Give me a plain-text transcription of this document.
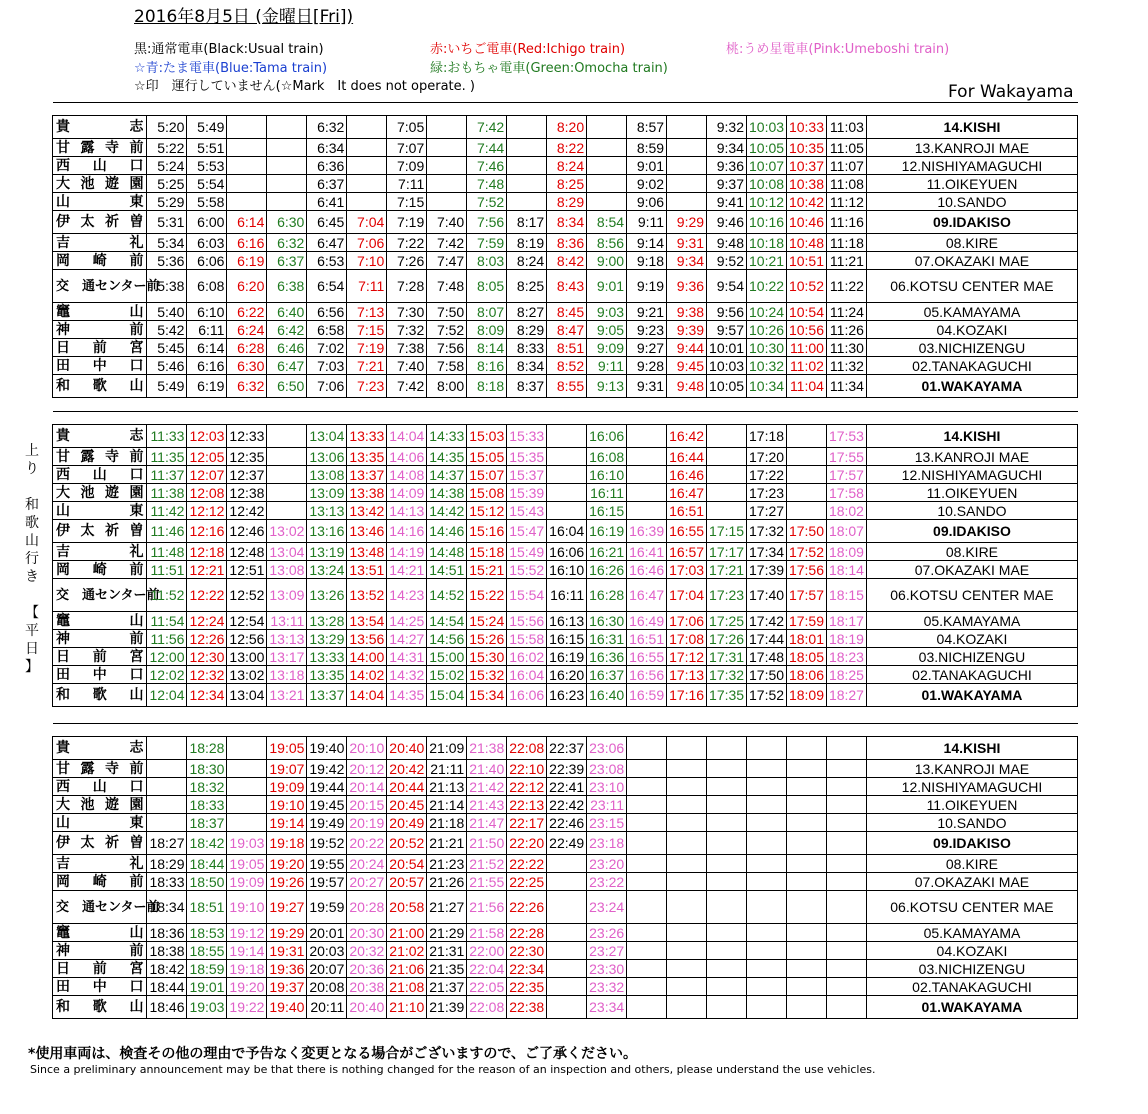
2016年8月5日 (金曜日[Fri])
黒:通常電車(Black:Usual train)	赤:いちご電車(Red:Ichigo train)	桃:うめ星電車(Pink:Umeboshi train)
☆青:たま電車(Blue:Tama train)	緑:おもちゃ電車(Green:Omocha train)
☆印　運行していません(☆Mark　It does not operate. )	For Wakayama
上
り

和
歌
山
行
き

【
平
日
】

貴志	5:20	5:49			6:32		7:05		7:42		8:20		8:57		9:32	10:03	10:33	11:03	14.KISHI
甘露寺前	5:22	5:51			6:34		7:07		7:44		8:22		8:59		9:34	10:05	10:35	11:05	13.KANROJI MAE
西山口	5:24	5:53			6:36		7:09		7:46		8:24		9:01		9:36	10:07	10:37	11:07	12.NISHIYAMAGUCHI
大池遊園	5:25	5:54			6:37		7:11		7:48		8:25		9:02		9:37	10:08	10:38	11:08	11.OIKEYUEN
山東	5:29	5:58			6:41		7:15		7:52		8:29		9:06		9:41	10:12	10:42	11:12	10.SANDO
伊太祈曽	5:31	6:00	6:14	6:30	6:45	7:04	7:19	7:40	7:56	8:17	8:34	8:54	9:11	9:29	9:46	10:16	10:46	11:16	09.IDAKISO
吉礼	5:34	6:03	6:16	6:32	6:47	7:06	7:22	7:42	7:59	8:19	8:36	8:56	9:14	9:31	9:48	10:18	10:48	11:18	08.KIRE
岡崎前	5:36	6:06	6:19	6:37	6:53	7:10	7:26	7:47	8:03	8:24	8:42	9:00	9:18	9:34	9:52	10:21	10:51	11:21	07.OKAZAKI MAE
交　通センター前	5:38	6:08	6:20	6:38	6:54	7:11	7:28	7:48	8:05	8:25	8:43	9:01	9:19	9:36	9:54	10:22	10:52	11:22	06.KOTSU CENTER MAE
竈山	5:40	6:10	6:22	6:40	6:56	7:13	7:30	7:50	8:07	8:27	8:45	9:03	9:21	9:38	9:56	10:24	10:54	11:24	05.KAMAYAMA
神前	5:42	6:11	6:24	6:42	6:58	7:15	7:32	7:52	8:09	8:29	8:47	9:05	9:23	9:39	9:57	10:26	10:56	11:26	04.KOZAKI
日前宮	5:45	6:14	6:28	6:46	7:02	7:19	7:38	7:56	8:14	8:33	8:51	9:09	9:27	9:44	10:01	10:30	11:00	11:30	03.NICHIZENGU
田中口	5:46	6:16	6:30	6:47	7:03	7:21	7:40	7:58	8:16	8:34	8:52	9:11	9:28	9:45	10:03	10:32	11:02	11:32	02.TANAKAGUCHI
和歌山	5:49	6:19	6:32	6:50	7:06	7:23	7:42	8:00	8:18	8:37	8:55	9:13	9:31	9:48	10:05	10:34	11:04	11:34	01.WAKAYAMA

貴志	11:33	12:03	12:33		13:04	13:33	14:04	14:33	15:03	15:33		16:06		16:42		17:18		17:53	14.KISHI
甘露寺前	11:35	12:05	12:35		13:06	13:35	14:06	14:35	15:05	15:35		16:08		16:44		17:20		17:55	13.KANROJI MAE
西山口	11:37	12:07	12:37		13:08	13:37	14:08	14:37	15:07	15:37		16:10		16:46		17:22		17:57	12.NISHIYAMAGUCHI
大池遊園	11:38	12:08	12:38		13:09	13:38	14:09	14:38	15:08	15:39		16:11		16:47		17:23		17:58	11.OIKEYUEN
山東	11:42	12:12	12:42		13:13	13:42	14:13	14:42	15:12	15:43		16:15		16:51		17:27		18:02	10.SANDO
伊太祈曽	11:46	12:16	12:46	13:02	13:16	13:46	14:16	14:46	15:16	15:47	16:04	16:19	16:39	16:55	17:15	17:32	17:50	18:07	09.IDAKISO
吉礼	11:48	12:18	12:48	13:04	13:19	13:48	14:19	14:48	15:18	15:49	16:06	16:21	16:41	16:57	17:17	17:34	17:52	18:09	08.KIRE
岡崎前	11:51	12:21	12:51	13:08	13:24	13:51	14:21	14:51	15:21	15:52	16:10	16:26	16:46	17:03	17:21	17:39	17:56	18:14	07.OKAZAKI MAE
交　通センター前	11:52	12:22	12:52	13:09	13:26	13:52	14:23	14:52	15:22	15:54	16:11	16:28	16:47	17:04	17:23	17:40	17:57	18:15	06.KOTSU CENTER MAE
竈山	11:54	12:24	12:54	13:11	13:28	13:54	14:25	14:54	15:24	15:56	16:13	16:30	16:49	17:06	17:25	17:42	17:59	18:17	05.KAMAYAMA
神前	11:56	12:26	12:56	13:13	13:29	13:56	14:27	14:56	15:26	15:58	16:15	16:31	16:51	17:08	17:26	17:44	18:01	18:19	04.KOZAKI
日前宮	12:00	12:30	13:00	13:17	13:33	14:00	14:31	15:00	15:30	16:02	16:19	16:36	16:55	17:12	17:31	17:48	18:05	18:23	03.NICHIZENGU
田中口	12:02	12:32	13:02	13:18	13:35	14:02	14:32	15:02	15:32	16:04	16:20	16:37	16:56	17:13	17:32	17:50	18:06	18:25	02.TANAKAGUCHI
和歌山	12:04	12:34	13:04	13:21	13:37	14:04	14:35	15:04	15:34	16:06	16:23	16:40	16:59	17:16	17:35	17:52	18:09	18:27	01.WAKAYAMA

貴志		18:28		19:05	19:40	20:10	20:40	21:09	21:38	22:08	22:37	23:06							14.KISHI
甘露寺前		18:30		19:07	19:42	20:12	20:42	21:11	21:40	22:10	22:39	23:08							13.KANROJI MAE
西山口		18:32		19:09	19:44	20:14	20:44	21:13	21:42	22:12	22:41	23:10							12.NISHIYAMAGUCHI
大池遊園		18:33		19:10	19:45	20:15	20:45	21:14	21:43	22:13	22:42	23:11							11.OIKEYUEN
山東		18:37		19:14	19:49	20:19	20:49	21:18	21:47	22:17	22:46	23:15							10.SANDO
伊太祈曽	18:27	18:42	19:03	19:18	19:52	20:22	20:52	21:21	21:50	22:20	22:49	23:18							09.IDAKISO
吉礼	18:29	18:44	19:05	19:20	19:55	20:24	20:54	21:23	21:52	22:22		23:20							08.KIRE
岡崎前	18:33	18:50	19:09	19:26	19:57	20:27	20:57	21:26	21:55	22:25		23:22							07.OKAZAKI MAE
交　通センター前	18:34	18:51	19:10	19:27	19:59	20:28	20:58	21:27	21:56	22:26		23:24							06.KOTSU CENTER MAE
竈山	18:36	18:53	19:12	19:29	20:01	20:30	21:00	21:29	21:58	22:28		23:26							05.KAMAYAMA
神前	18:38	18:55	19:14	19:31	20:03	20:32	21:02	21:31	22:00	22:30		23:27							04.KOZAKI
日前宮	18:42	18:59	19:18	19:36	20:07	20:36	21:06	21:35	22:04	22:34		23:30							03.NICHIZENGU
田中口	18:44	19:01	19:20	19:37	20:08	20:38	21:08	21:37	22:05	22:35		23:32							02.TANAKAGUCHI
和歌山	18:46	19:03	19:22	19:40	20:11	20:40	21:10	21:39	22:08	22:38		23:34							01.WAKAYAMA
*使用車両は、検査その他の理由で予告なく変更となる場合がございますので、ご了承ください。
Since a preliminary announcement may be that there is nothing changed for the reason of an inspection and others, please understand the use vehicles.
